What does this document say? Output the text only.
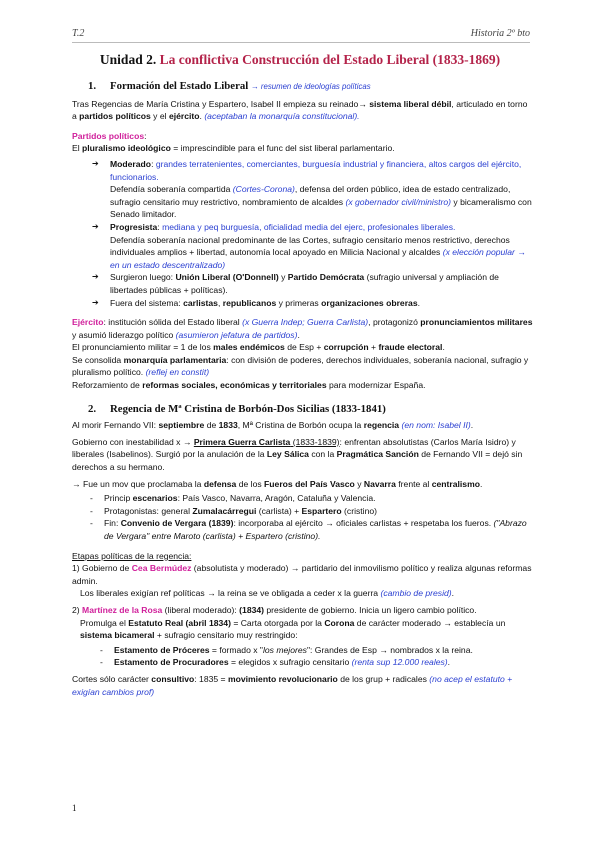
T.2	Historia 2º bto
Unidad 2. La conflictiva Construcción del Estado Liberal (1833-1869)
1. Formación del Estado Liberal → resumen de ideologías políticas

Tras Regencias de María Cristina y Espartero, Isabel II empieza su reinado→ sistema liberal débil, articulado en torno a partidos políticos y el ejército. (aceptaban la monarquía constitucional).

Partidos políticos:

El pluralismo ideológico = imprescindible para el func del sist liberal parlamentario.

➔ Moderado: grandes terratenientes, comerciantes, burguesía industrial y financiera, altos cargos del ejército, funcionarios.
Defendía soberanía compartida (Cortes-Corona), defensa del orden público, idea de estado centralizado, sufragio censitario muy restrictivo, nombramiento de alcaldes (x gobernador civil/ministro) y bicameralismo con Senado limitador.
➔ Progresista: mediana y peq burguesía, oficialidad media del ejerc, profesionales liberales.
Defendía soberanía nacional predominante de las Cortes, sufragio censitario menos restrictivo, derechos individuales amplios + libertad, autonomía local apoyado en Milicia Nacional y alcaldes (x elección popular → en un estado descentralizado)
➔ Surgieron luego: Unión Liberal (O'Donnell) y Partido Demócrata (sufragio universal y ampliación de libertades públicas + políticas).
➔ Fuera del sistema: carlistas, republicanos y primeras organizaciones obreras.

Ejército: institución sólida del Estado liberal (x Guerra Indep; Guerra Carlista), protagonizó pronunciamientos militares y asumió liderazgo político (asumieron jefatura de partidos).

El pronunciamiento militar = 1 de los males endémicos de Esp + corrupción + fraude electoral.

Se consolida monarquía parlamentaria: con división de poderes, derechos individuales, soberanía nacional, sufragio y pluralismo político. (reflej en constit)

Reforzamiento de reformas sociales, económicas y territoriales para modernizar España.

2. Regencia de Mª Cristina de Borbón-Dos Sicilias (1833-1841)

Al morir Fernando VII: septiembre de 1833, Mª Cristina de Borbón ocupa la regencia (en nom: Isabel II).

Gobierno con inestabilidad x → Primera Guerra Carlista (1833-1839): enfrentan absolutistas (Carlos María Isidro) y liberales (Isabelinos). Surgió por la anulación de la Ley Sálica con la Pragmática Sanción de Fernando VII = dejó sin derechos a su hermano.

→ Fue un mov que proclamaba la defensa de los Fueros del País Vasco y Navarra frente al centralismo.

- Princip escenarios: País Vasco, Navarra, Aragón, Cataluña y Valencia.
- Protagonistas: general Zumalacárregui (carlista) + Espartero (cristino)
- Fin: Convenio de Vergara (1839): incorporaba al ejército → oficiales carlistas + respetaba los fueros. ("Abrazo de Vergara" entre Maroto (carlista) + Espartero (cristino).

Etapas políticas de la regencia:

1) Gobierno de Cea Bermúdez (absolutista y moderado) → partidario del inmovilismo político y realiza algunas reformas admin.

Los liberales exigían ref políticas → la reina se ve obligada a ceder x la guerra (cambio de presid).

2) Martínez de la Rosa (liberal moderado): (1834) presidente de gobierno. Inicia un ligero cambio político.

Promulga el Estatuto Real (abril 1834) = Carta otorgada por la Corona de carácter moderado → establecía un sistema bicameral + sufragio censitario muy restringido:

- Estamento de Próceres = formado x "los mejores": Grandes de Esp → nombrados x la reina.
- Estamento de Procuradores = elegidos x sufragio censitario (renta sup 12.000 reales).

Cortes sólo carácter consultivo: 1835 = movimiento revolucionario de los grup + radicales (no acep el estatuto + exigían cambios prof)

1
